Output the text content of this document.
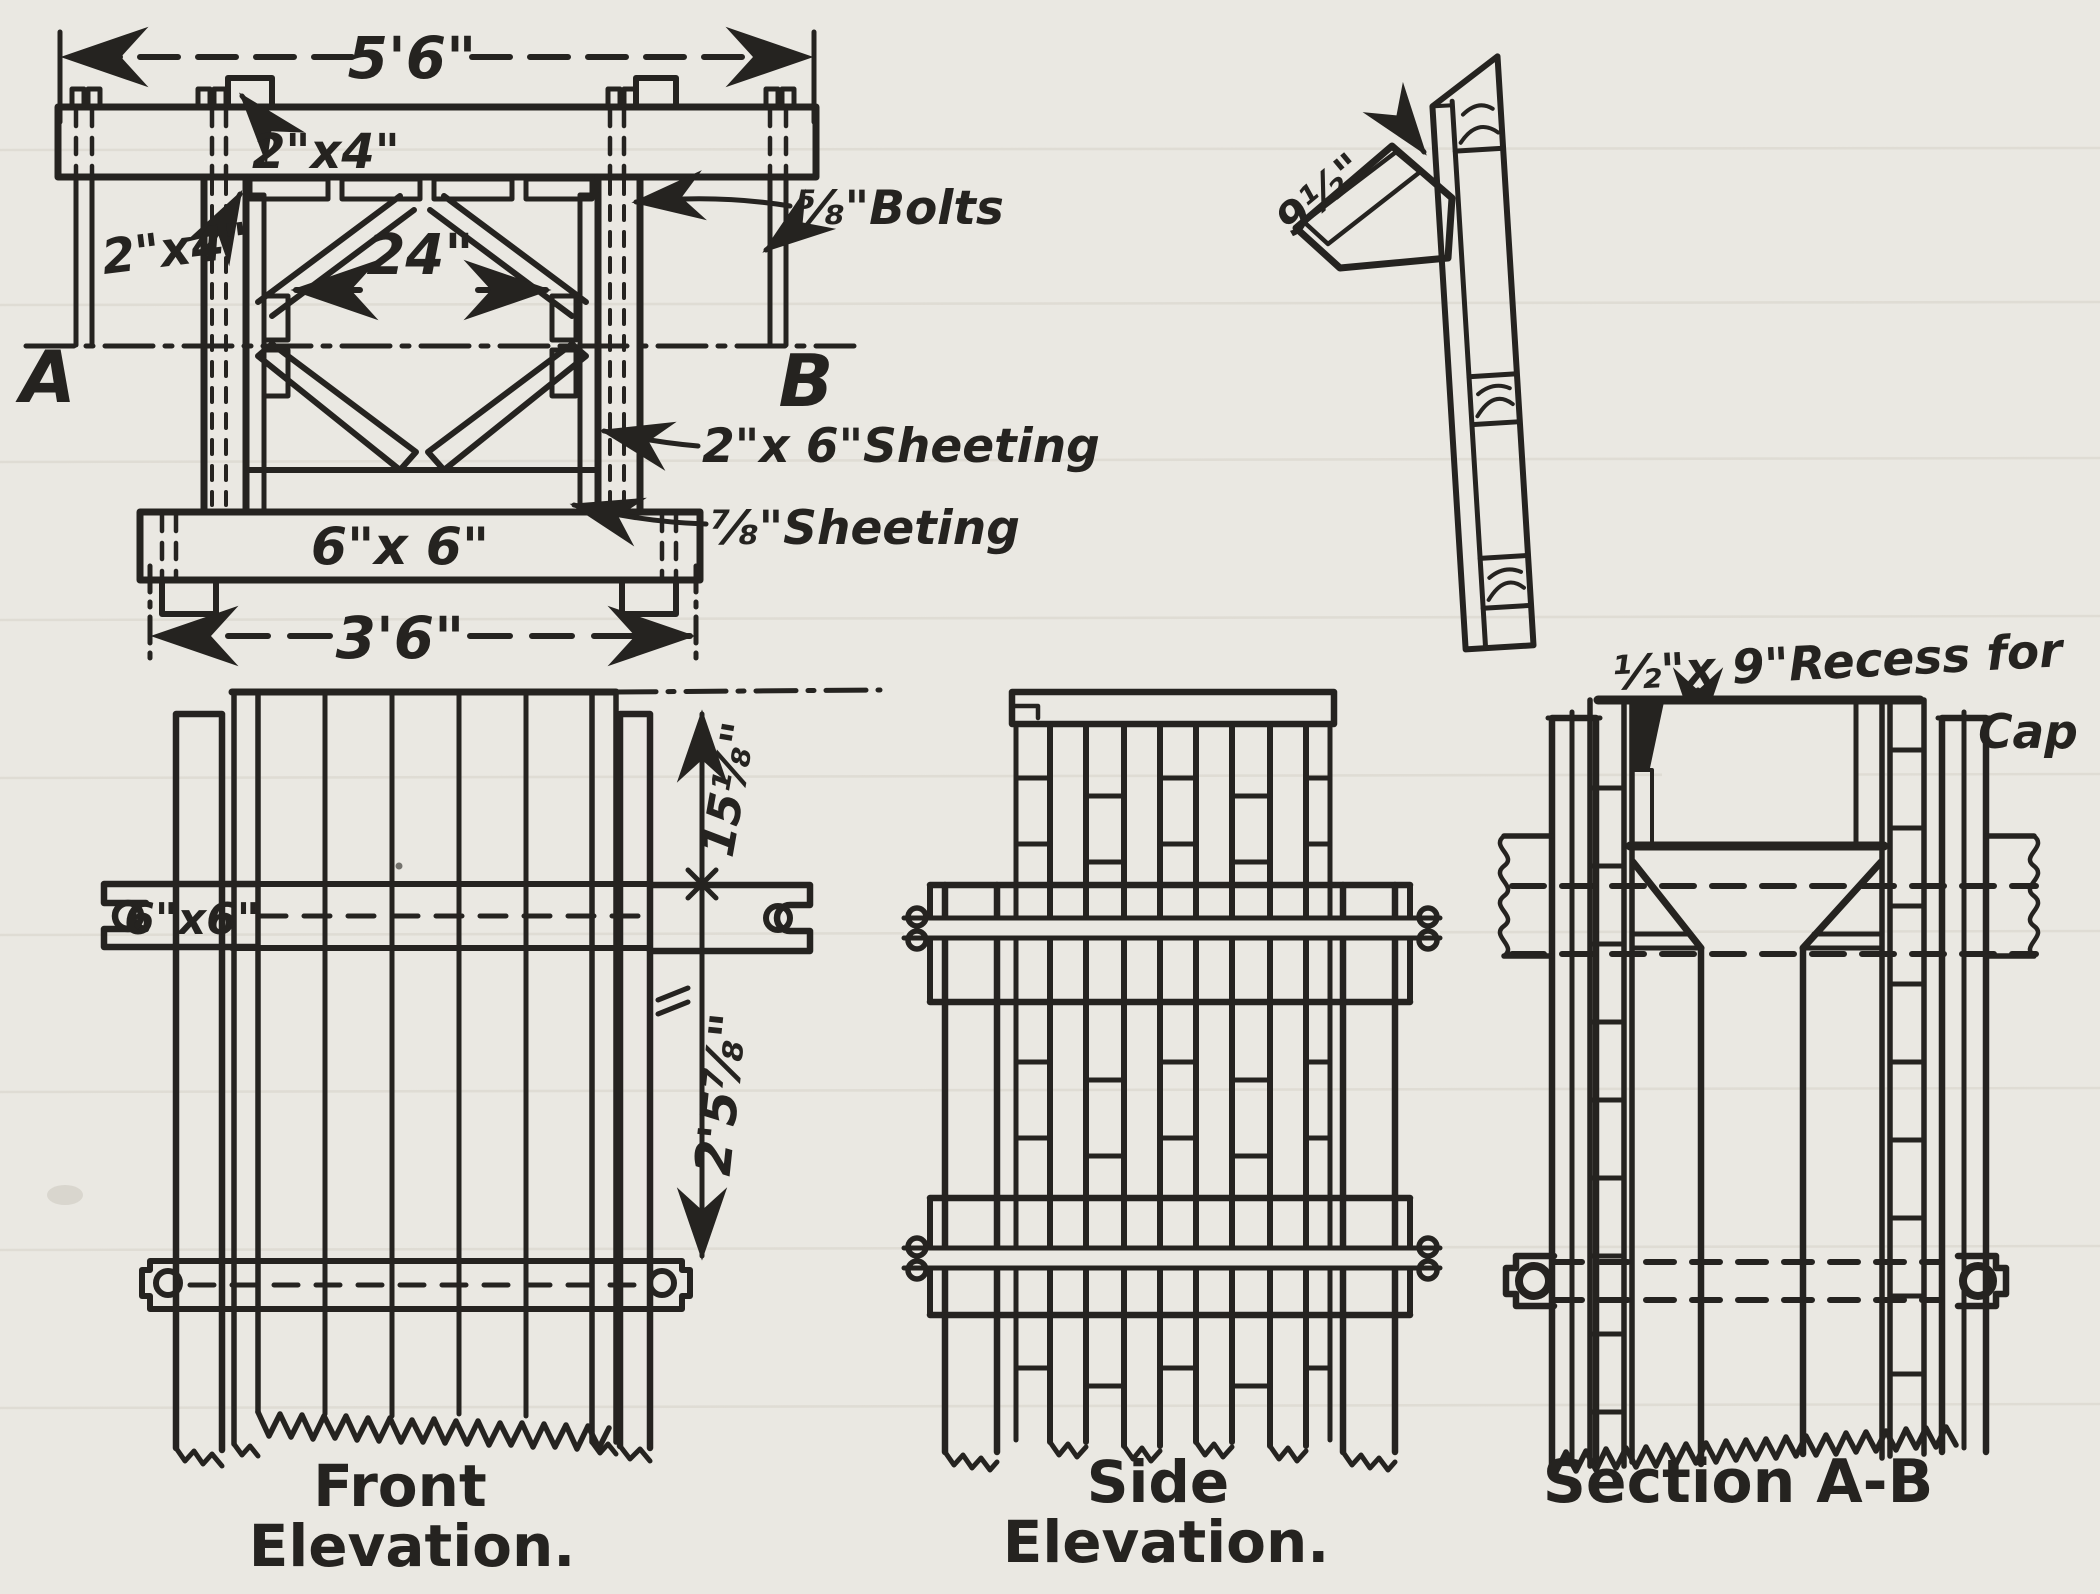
5'6"
24"
6"x 6"
3'6"
A	B
2"x4"
2"x4"
⅝"Bolts
2"x 6"Sheeting
⅞"Sheeting
9½"
6"x6"
15⅛"
2'5⅞"
Front
Elevation.
Side
Elevation.
½"x 9"Recess for
Cap
Section A-B
